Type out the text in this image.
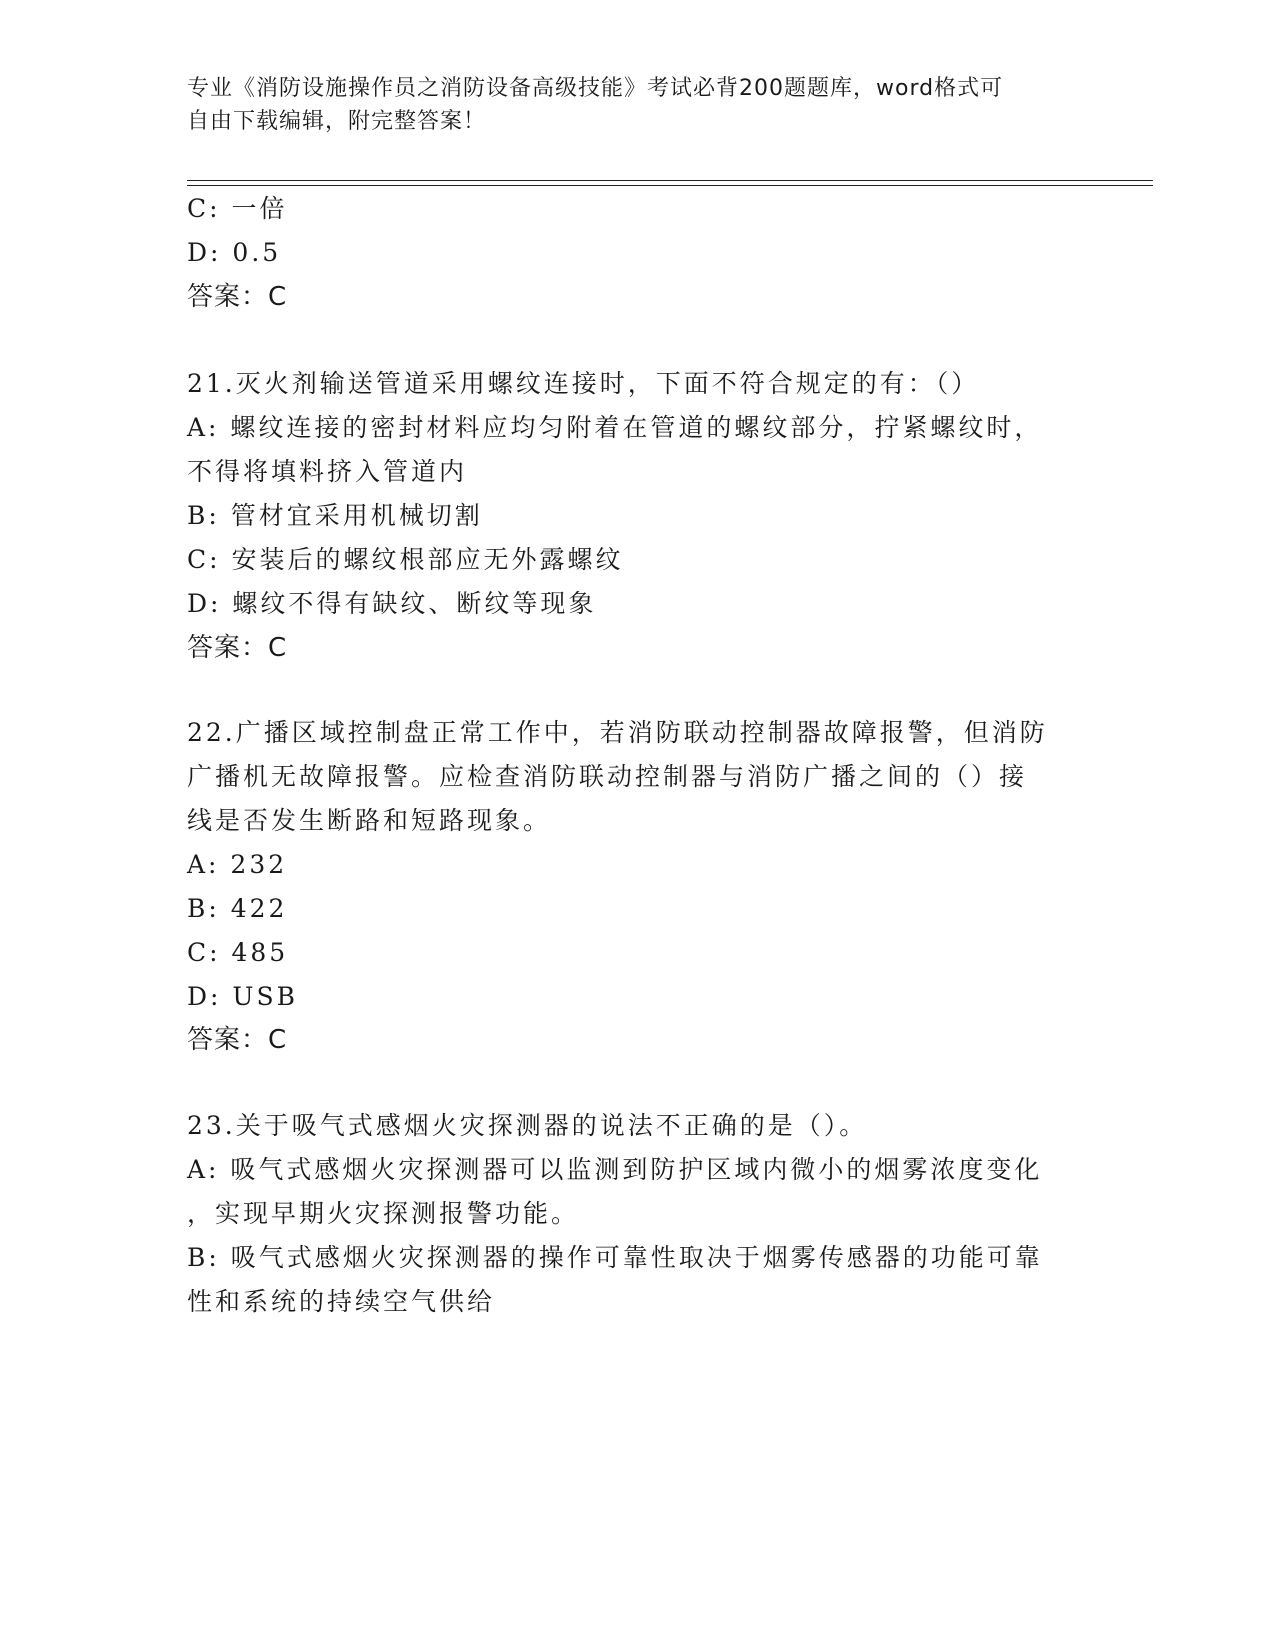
专业《消防设施操作员之消防设备高级技能》考试必背200题题库，word格式可
自由下载编辑，附完整答案！
C: 一倍
D: 0.5
答案：C
21.灭火剂输送管道采用螺纹连接时，下面不符合规定的有：（）
A: 螺纹连接的密封材料应均匀附着在管道的螺纹部分，拧紧螺纹时，
不得将填料挤入管道内
B: 管材宜采用机械切割
C: 安装后的螺纹根部应无外露螺纹
D: 螺纹不得有缺纹、断纹等现象
答案：C
22.广播区域控制盘正常工作中，若消防联动控制器故障报警，但消防
广播机无故障报警。应检查消防联动控制器与消防广播之间的（）接
线是否发生断路和短路现象。
A: 232
B: 422
C: 485
D: USB
答案：C
23.关于吸气式感烟火灾探测器的说法不正确的是（）。
A: 吸气式感烟火灾探测器可以监测到防护区域内微小的烟雾浓度变化
，实现早期火灾探测报警功能。
B: 吸气式感烟火灾探测器的操作可靠性取决于烟雾传感器的功能可靠
性和系统的持续空气供给
